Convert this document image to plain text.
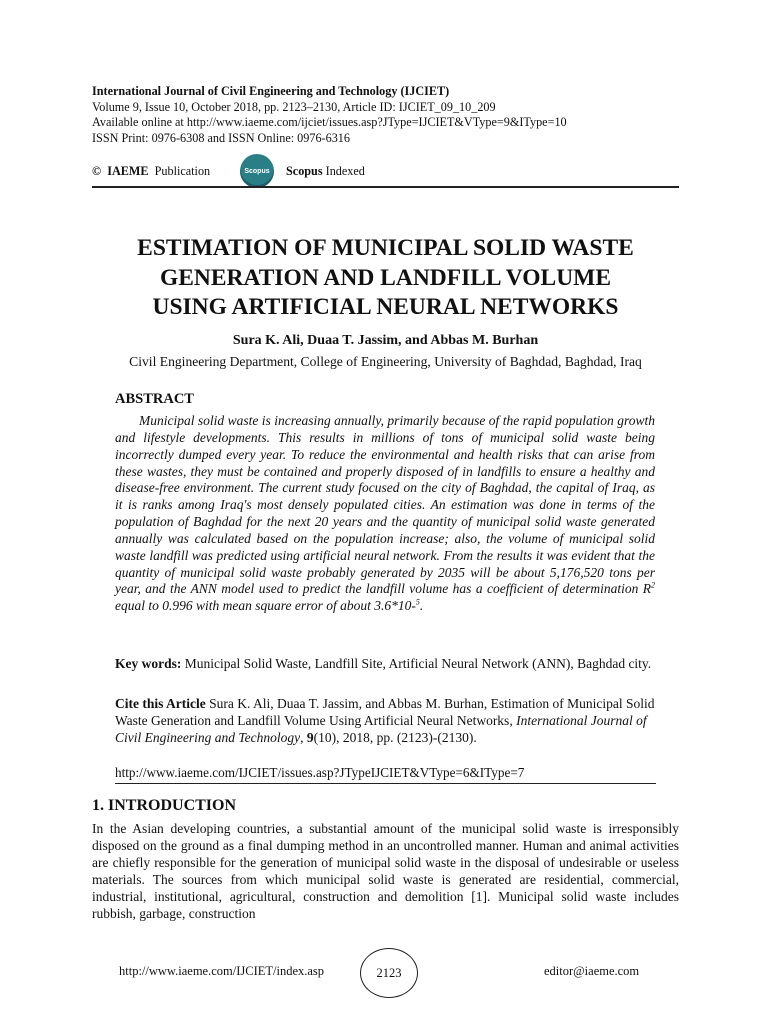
International Journal of Civil Engineering and Technology (IJCIET)
Volume 9, Issue 10, October 2018, pp. 2123–2130, Article ID: IJCIET_09_10_209
Available online at http://www.iaeme.com/ijciet/issues.asp?JType=IJCIET&VType=9&IType=10
ISSN Print: 0976-6308 and ISSN Online: 0976-6316
© IAEME Publication	Scopus Scopus Indexed
ESTIMATION OF MUNICIPAL SOLID WASTE
GENERATION AND LANDFILL VOLUME
USING ARTIFICIAL NEURAL NETWORKS
Sura K. Ali, Duaa T. Jassim, and Abbas M. Burhan
Civil Engineering Department, College of Engineering, University of Baghdad, Baghdad, Iraq
ABSTRACT
Municipal solid waste is increasing annually, primarily because of the rapid population growth and lifestyle developments. This results in millions of tons of municipal solid waste being incorrectly dumped every year. To reduce the environmental and health risks that can arise from these wastes, they must be contained and properly disposed of in landfills to ensure a healthy and disease-free environment. The current study focused on the city of Baghdad, the capital of Iraq, as it is ranks among Iraq's most densely populated cities. An estimation was done in terms of the population of Baghdad for the next 20 years and the quantity of municipal solid waste generated annually was calculated based on the population increase; also, the volume of municipal solid waste landfill was predicted using artificial neural network. From the results it was evident that the quantity of municipal solid waste probably generated by 2035 will be about 5,176,520 tons per year, and the ANN model used to predict the landfill volume has a coefficient of determination $R^2$ equal to 0.996 with mean square error of about 3.6*10-$^5$.
Key words: Municipal Solid Waste, Landfill Site, Artificial Neural Network (ANN), Baghdad city.
Cite this Article Sura K. Ali, Duaa T. Jassim, and Abbas M. Burhan, Estimation of Municipal Solid Waste Generation and Landfill Volume Using Artificial Neural Networks, International Journal of Civil Engineering and Technology, 9(10), 2018, pp. (2123)-(2130).
http://www.iaeme.com/IJCIET/issues.asp?JTypeIJCIET&VType=6&IType=7
1. INTRODUCTION
In the Asian developing countries, a substantial amount of the municipal solid waste is irresponsibly disposed on the ground as a final dumping method in an uncontrolled manner. Human and animal activities are chiefly responsible for the generation of municipal solid waste in the disposal of undesirable or useless materials. The sources from which municipal solid waste is generated are residential, commercial, industrial, institutional, agricultural, construction and demolition [1]. Municipal solid waste includes rubbish, garbage, construction
http://www.iaeme.com/IJCIET/index.asp	2123	editor@iaeme.com
